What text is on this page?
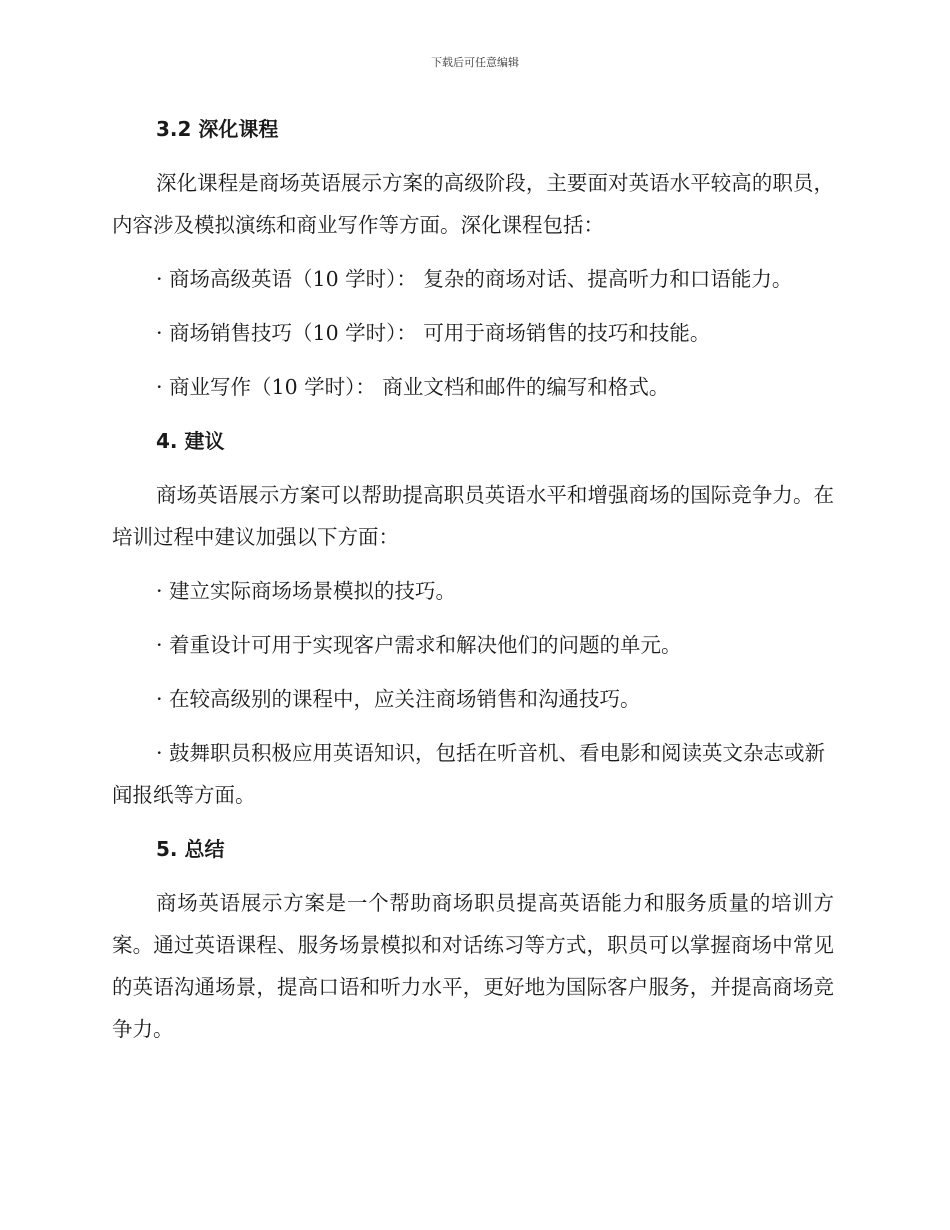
下载后可任意编辑
3.2 深化课程

深化课程是商场英语展示方案的高级阶段，主要面对英语水平较高的职员，内容涉及模拟演练和商业写作等方面。深化课程包括：

· 商场高级英语（10 学时）： 复杂的商场对话、提高听力和口语能力。

· 商场销售技巧（10 学时）： 可用于商场销售的技巧和技能。

· 商业写作（10 学时）： 商业文档和邮件的编写和格式。

4. 建议

商场英语展示方案可以帮助提高职员英语水平和增强商场的国际竞争力。在培训过程中建议加强以下方面：

· 建立实际商场场景模拟的技巧。

· 着重设计可用于实现客户需求和解决他们的问题的单元。

· 在较高级别的课程中，应关注商场销售和沟通技巧。

· 鼓舞职员积极应用英语知识，包括在听音机、看电影和阅读英文杂志或新闻报纸等方面。

5. 总结

商场英语展示方案是一个帮助商场职员提高英语能力和服务质量的培训方案。通过英语课程、服务场景模拟和对话练习等方式，职员可以掌握商场中常见的英语沟通场景，提高口语和听力水平，更好地为国际客户服务，并提高商场竞争力。
